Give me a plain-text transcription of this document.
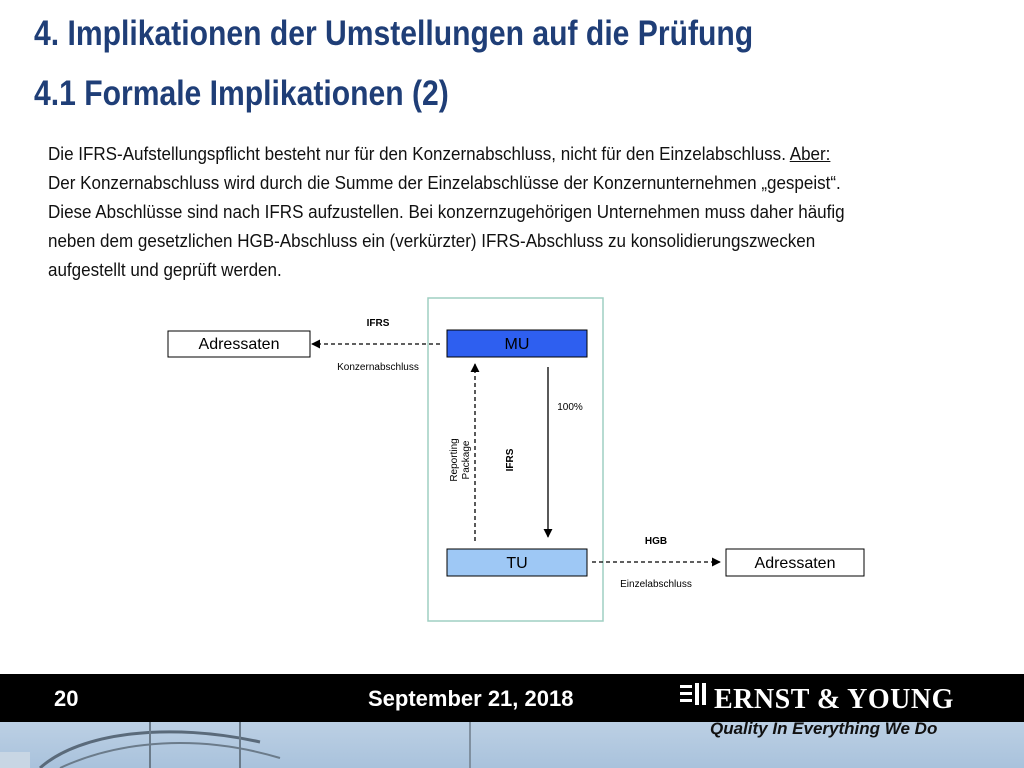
4. Implikationen der Umstellungen auf die Prüfung
4.1 Formale Implikationen (2)

Die IFRS-Aufstellungspflicht besteht nur für den Konzernabschluss, nicht für den Einzelabschluss. Aber:

Der Konzernabschluss wird durch die Summe der Einzelabschlüsse der Konzernunternehmen „gespeist“.

Diese Abschlüsse sind nach IFRS aufzustellen. Bei konzernzugehörigen Unternehmen muss daher häufig

neben dem gesetzlichen HGB-Abschluss ein (verkürzter) IFRS-Abschluss zu konsolidierungszwecken

aufgestellt und geprüft werden.

MU
TU
Adressaten
Adressaten
IFRS
Konzernabschluss
Reporting Package	IFRS
100%
HGB
Einzelabschluss
20	September 21, 2018	ERNST & YOUNG
Quality In Everything We Do
